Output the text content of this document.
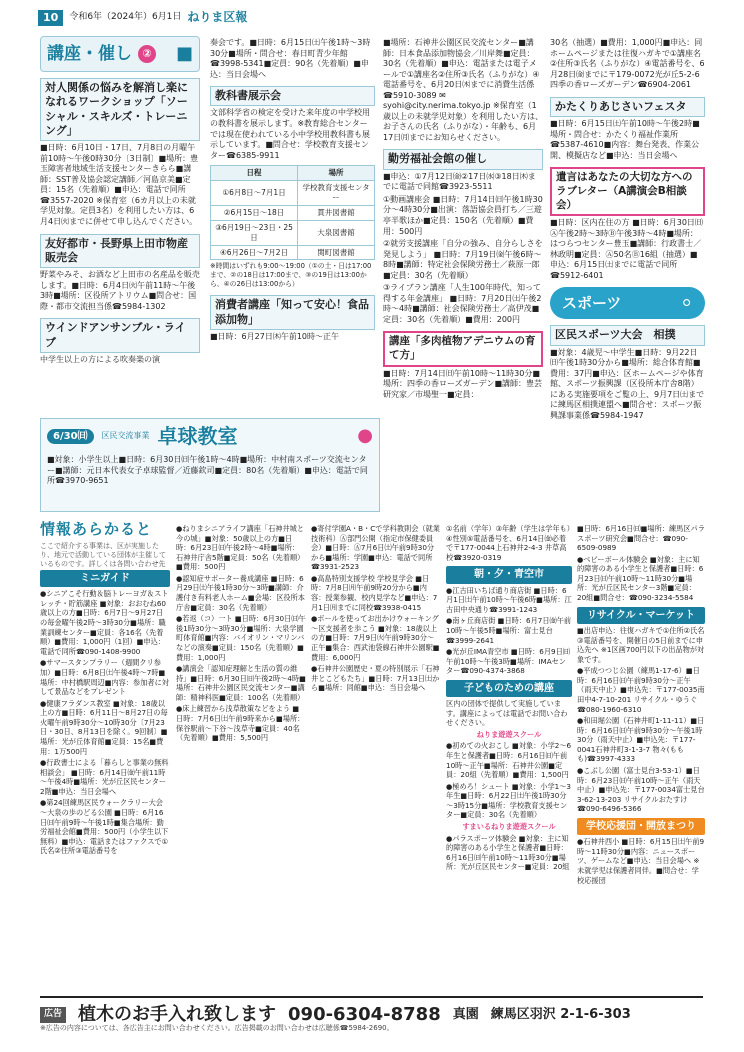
10	令和6年（2024年）6月1日 ねりま区報
講座・催し ② ■
対人関係の悩みを解消し楽になれるワークショップ「ソーシャル・スキルズ・トレーニング」
■日時：6月10日・17日、7月8日の月曜午前10時～午後0時30分〔3日制〕■場所：豊玉障害者地域生活支援センターきらら■講師：SST普及協会認定講師／河島京美■定員：15名（先着順）■申込：電話で同所☎3557-2020 ※保育室（6カ月以上の未就学児対象。定員3名）を利用したい方は、6月4日㈫までに併せて申し込んでください。
友好都市・長野県上田市物産販売会
野菜やみそ、お酒など上田市の名産品を販売します。■日時：6月4日㈫午前11時～午後3時■場所：区役所アトリウム■問合せ：国際・都市交流担当係☎5984-1302
ウインドアンサンブル・ライブ
中学生以上の方による吹奏楽の演
奏会です。■日時：6月15日㈯午後1時～3時30分■場所・問合せ：春日町青少年館☎3998-5341■定員：90名（先着順）■申込：当日会場へ
教科書展示会
文部科学省の検定を受けた来年度の中学校用の教科書を展示します。※教育総合センターでは現在使われている小中学校用教科書も展示しています。■問合せ：学校教育支援センター☎6385-9911
日程	場所
①6月8日～7月1日	学校教育支援センター
②6月15日～18日	貫井図書館
③6月19日～23日・25日	大泉図書館
④6月26日～7月2日	関町図書館
※時間はいずれも9:00～19:00（①の土・日は17:00まで、②の18日は17:00まで、③の19日は13:00から、④の26日は13:00から）
消費者講座「知って安心！食品添加物」
■日時：6月27日㈭午前10時～正午
■場所：石神井公園区民交流センター■講師：日本食品添加物協会／川岸舞■定員：30名（先着順）■申込：電話または電子メールで①講座名②住所③氏名（ふりがな）④電話番号を、6月20日㈭までに消費生活係☎5910-3089 ✉syohi@city.nerima.tokyo.jp ※保育室（1歳以上の未就学児対象）を利用したい方は、お子さんの氏名（ふりがな）・年齢も、6月17日㈪までにお知らせください。
勤労福祉会館の催し
■申込：①7月12日㈮②17日㈬③18日㈭までに電話で同館☎3923-5511
①動画講座会 ■日時：7月14日㈰午後1時30分～4時30分■出演：落語協会員打ち／三遊亭半歌ほか■定員：150名（先着順）■費用：500円
②就労支援講座「自分の強み、自分らしさを発見しよう」 ■日時：7月19日㈮午後6時～8時■講師：特定社会保険労務士／萩原一郎■定員：30名（先着順）
③ライブラン講座「人生100年時代、知って得する年金講座」 ■日時：7月20日㈯午後2時～4時■講師：社会保険労務士／高伊茂■定員：30名（先着順）■費用：200円
講座「多肉植物アデニウムの育て方」
■日時：7月14日㈰午前10時～11時30分■場所：四季の香ローズガーデン■講師：豊芸研究家／市場聖一■定員：
30名（抽選）■費用：1,000円■申込：同ホームページまたは往復ハガキで①講座名②住所③氏名（ふりがな）④電話番号を、6月28日㈮までに〒179-0072光が丘5-2-6 四季の香ローズガーデン☎6904-2061
かたくりあじさいフェスタ
■日時：6月15日㈯午前10時～午後2時■場所・問合せ：かたくり福祉作業所☎5387-4610■内容：舞台発表、作業公開、模擬店など■申込：当日会場へ
遺言はあなたの大切な方へのラブレター（A講演会B相談会）
■日時：区内在住の方 ■日時：6月30日㈰Ⓐ午後2時～3時Ⓑ午後3時～4時■場所：はつらつセンター豊玉■講師：行政書士／林政明■定員：Ⓐ50名Ⓑ16組（抽選）■申込：6月15日㈯までに電話で同所☎5912-6401
スポーツ	⚪
区民スポーツ大会　相撲
■対象：4歳児～中学生■日時：9月22日㈰午後1時30分から■場所：総合体育館■費用：37円■申込：区ホームページや体育館、スポーツ振興課（区役所本庁舎8階）にある実施要項をご覧の上、9月7日㈯までに練馬区相撲連盟へ■問合せ：スポーツ振興課事業係☎5984-1947
6/30㈰	区民交流事業 卓球教室	●
■対象：小学生以上■日時：6月30日㈰午後1時～4時■場所：中村南スポーツ交流センター■講師：元日本代表女子卓球監督／近藤欽司■定員：80名（先着順）■申込：電話で同所☎3970-9651
情報あらかると
ここで紹介する事業は、区が実施したり、地元で活動している団体が主催しているものです。詳しくは各問い合わせ先
ミニガイド
●シニアこそ行動＆脳トレーヨガ＆ストレッチ・貯筋講座 ■対象：おおむね60歳以上の方■日時：6月7日～9月27日の毎金曜午後2時～3時30分■場所：職業訓練センター■定員：各16名（先着順）■費用：1,000円（1回）■申込：電話で同所☎090-1408-9900
●サマースタンプラリー（週間クリ参加）■日時：6月8日㈯午後4時～7時■場所：中村橋駅周辺■内容：参加者に対して景品などをプレゼント
●健康フラダンス教室 ■対象：18歳以上の方■日時：6月11日～8月27日の毎火曜午前9時30分～10時30分〔7月23日・30日、8月13日を除く。9回制〕■場所：光が丘体育館■定員：15名■費用：1万500円
●行政書士による「暮らしと事業の無料相談会」 ■日時：6月14日㈮午前11時～午後4時■場所：光が丘区民センター2階■申込：当日会場へ
●第24回練馬区民ウォークラリー大会～大泉の歩のどる公園 ■日時：6月16日㈰午前9時～午後1時■集合場所：勤労福祉会館■費用：500円（小学生以下無料）■申込：電話またはファクスで①氏名②住所③電話番号を
●ねりまシニアライフ講座「石神井城と今の城」■対象：50歳以上の方■日時：6月23日㈰午後2時～4時■場所：石神井庁舎5階■定員：50名（先着順）■費用：500円
●認知症サポーター養成講座 ■日時：6月29日㈯午後1時30分～3時■講師：介護付き有料老人ホーム■会場：区役所本庁舎■定員：30名（先着順）
●若返（コ）一ト ■日時：6月30日㈰午後1時30分～3時30分■場所：大泉学園町体育館■内容：バイオリン・マリンバなどの演奏■定員：150名（先着順）■費用：1,000円
●講演会「認知症理解と生活の質の維持」■日時：6月30日㈰午後2時～4時■場所：石神井公園区民交流センター■講師：精神科医■定員：100名（先着順）
●床上練習から浅草散策などをよう ■日時：7月6日㈯午前9時来から■場所：保谷駅前～下谷～浅草寺■定員：40名（先着順）■費用：5,500円
●寄付学園A・B・Cで学科教則会（就業技術科）Ⓐ部門公開（指定市保健委員会）■日時：Ⓐ7月6日㈯午前9時30分から■場所：学園■申込：電話で同所☎3931-2523
●高島特別支援学校 学校見学会 ■日時：7月8日㈪午前9時20分から■内容：授業参観、校内見学など■申込：7月1日㈪までに同校☎3938-0415
●ボールを使ってお出かけウォーキング～区支援者を歩こう ■対象：18歳以上の方■日時：7月9日㈫午前9時30分～正午■集合：西武池袋線石神井公園駅■費用：6,000円
●石神井公園歴史・夏の特別展示「石神井とこどもたち」■日時：7月13日㈯から■場所：同館■申込：当日会場へ
①名前（学年）③年齢（学生は学年も）④性別⑤電話番号を、6月14日㈮必着で〒177-0044上石神井2-4-3 井草高校☎3920-0319
朝・夕・青空市
●江古田いちば通り商店街 ■日時：6月1日㈯午前10時～午後6時■場所：江古田中央通り☎3991-1243
●南ヶ丘商店街 ■日時：6月7日㈮午前10時～午後5時■場所：富士見台☎3999-2641
●光が丘IMA青空市 ■日時：6月9日㈰午前10時～午後3時■場所：IMAセンター☎090-4374-3868
子どものための講座
区内の団体で提供して実施しています。講座によっては電話でお問い合わせください。
ねりま遊遊スクール
●初めての火おこし ■対象：小学2～6年生と保護者■日時：6月16日㈰午前10時～正午■場所：石神井公園■定員：20組（先着順）■費用：1,500円
●極めろ！シュート ■対象：小学1～3年生■日時：6月22日㈯午後1時30分～3時15分■場所：学校教育支援センター■定員：30名（先着順）
すまいるねりま遊遊スクール
●パラスポーツ体験会 ■対象：主に知的障害のある小学生と保護者■日時：6月16日㈰午前10時～11時30分■場所：光が丘区民センター■定員：20組
■日時：6月16日㈰■場所：練馬区パラスポーツ研究会■問合せ：☎090-6509-0989
●ベビーボール体験会 ■対象：主に知的障害のある小学生と保護者■日時：6月23日㈰午前10時～11時30分■場所：光が丘区民センター3階■定員：20組■問合せ：☎090-3234-5584
リサイクル・マーケット
■出店申込：往復ハガキで①住所②氏名③電話番号を、開催日の5日前までに申込先へ ※1区画700円以下の出品物が対象です。
●平成つつじ公園（練馬1-17-6）■日時：6月16日㈰午前9時30分～正午（雨天中止）■申込先：〒177-0035南田中4-7-10-201 リサイクル・ゆうぐ☎080-1960-6310
●和田堀公園（石神井町1-11-11）■日時：6月16日㈰午前9時30分～午後1時30分（雨天中止）■申込先：〒177-0041石神井町3-1-3-7 物々(ももも)☎3997-4333
●こぶし公園（富士見台3-53-1）■日時：6月23日㈰午前10時～正午（雨天中止）■申込先：〒177-0034富士見台3-62-13-203 リサイクルおたすけ☎090-6496-5366
学校応援団・開放まつり
●石神井西小 ■日時：6月15日㈯午前9時～11時30分■内容：ニュースポーツ、ゲームなど■申込：当日会場へ ※未就学児は保護者同伴。■問合せ：学校応援団
広告 植木のお手入れ致します 090-6304-8788 真園 練馬区羽沢 2-1-6-303
※広告の内容については、各広告主にお問い合わせください。広告掲載のお問い合わせは広聴係☎5984-2690。
